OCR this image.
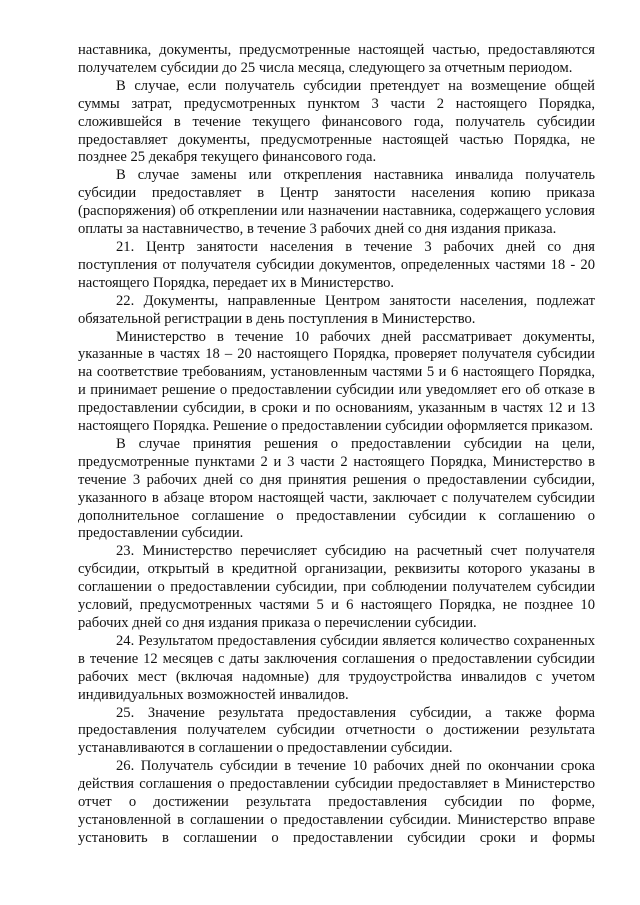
наставника, документы, предусмотренные настоящей частью, предоставляются получателем субсидии до 25 числа месяца, следующего за отчетным периодом.

В случае, если получатель субсидии претендует на возмещение общей суммы затрат, предусмотренных пунктом 3 части 2 настоящего Порядка, сложившейся в течение текущего финансового года, получатель субсидии предоставляет документы, предусмотренные настоящей частью Порядка, не позднее 25 декабря текущего финансового года.

В случае замены или открепления наставника инвалида получатель субсидии предоставляет в Центр занятости населения копию приказа (распоряжения) об откреплении или назначении наставника, содержащего условия оплаты за наставничество, в течение 3 рабочих дней со дня издания приказа.

21. Центр занятости населения в течение 3 рабочих дней со дня поступления от получателя субсидии документов, определенных частями 18 - 20 настоящего Порядка, передает их в Министерство.

22. Документы, направленные Центром занятости населения, подлежат обязательной регистрации в день поступления в Министерство.

Министерство в течение 10 рабочих дней рассматривает документы, указанные в частях 18 – 20 настоящего Порядка, проверяет получателя субсидии на соответствие требованиям, установленным частями 5 и 6 настоящего Порядка, и принимает решение о предоставлении субсидии или уведомляет его об отказе в предоставлении субсидии, в сроки и по основаниям, указанным в частях 12 и 13 настоящего Порядка. Решение о предоставлении субсидии оформляется приказом.

В случае принятия решения о предоставлении субсидии на цели, предусмотренные пунктами 2 и 3 части 2 настоящего Порядка, Министерство в течение 3 рабочих дней со дня принятия решения о предоставлении субсидии, указанного в абзаце втором настоящей части, заключает с получателем субсидии дополнительное соглашение о предоставлении субсидии к соглашению о предоставлении субсидии.

23. Министерство перечисляет субсидию на расчетный счет получателя субсидии, открытый в кредитной организации, реквизиты которого указаны в соглашении о предоставлении субсидии, при соблюдении получателем субсидии условий, предусмотренных частями 5 и 6 настоящего Порядка, не позднее 10 рабочих дней со дня издания приказа о перечислении субсидии.

24. Результатом предоставления субсидии является количество сохраненных в течение 12 месяцев с даты заключения соглашения о предоставлении субсидии рабочих мест (включая надомные) для трудоустройства инвалидов с учетом индивидуальных возможностей инвалидов.

25. Значение результата предоставления субсидии, а также форма предоставления получателем субсидии отчетности о достижении результата устанавливаются в соглашении о предоставлении субсидии.

26. Получатель субсидии в течение 10 рабочих дней по окончании срока действия соглашения о предоставлении субсидии предоставляет в Министерство отчет о достижении результата предоставления субсидии по форме, установленной в соглашении о предоставлении субсидии. Министерство вправе установить в соглашении о предоставлении субсидии сроки и формы
